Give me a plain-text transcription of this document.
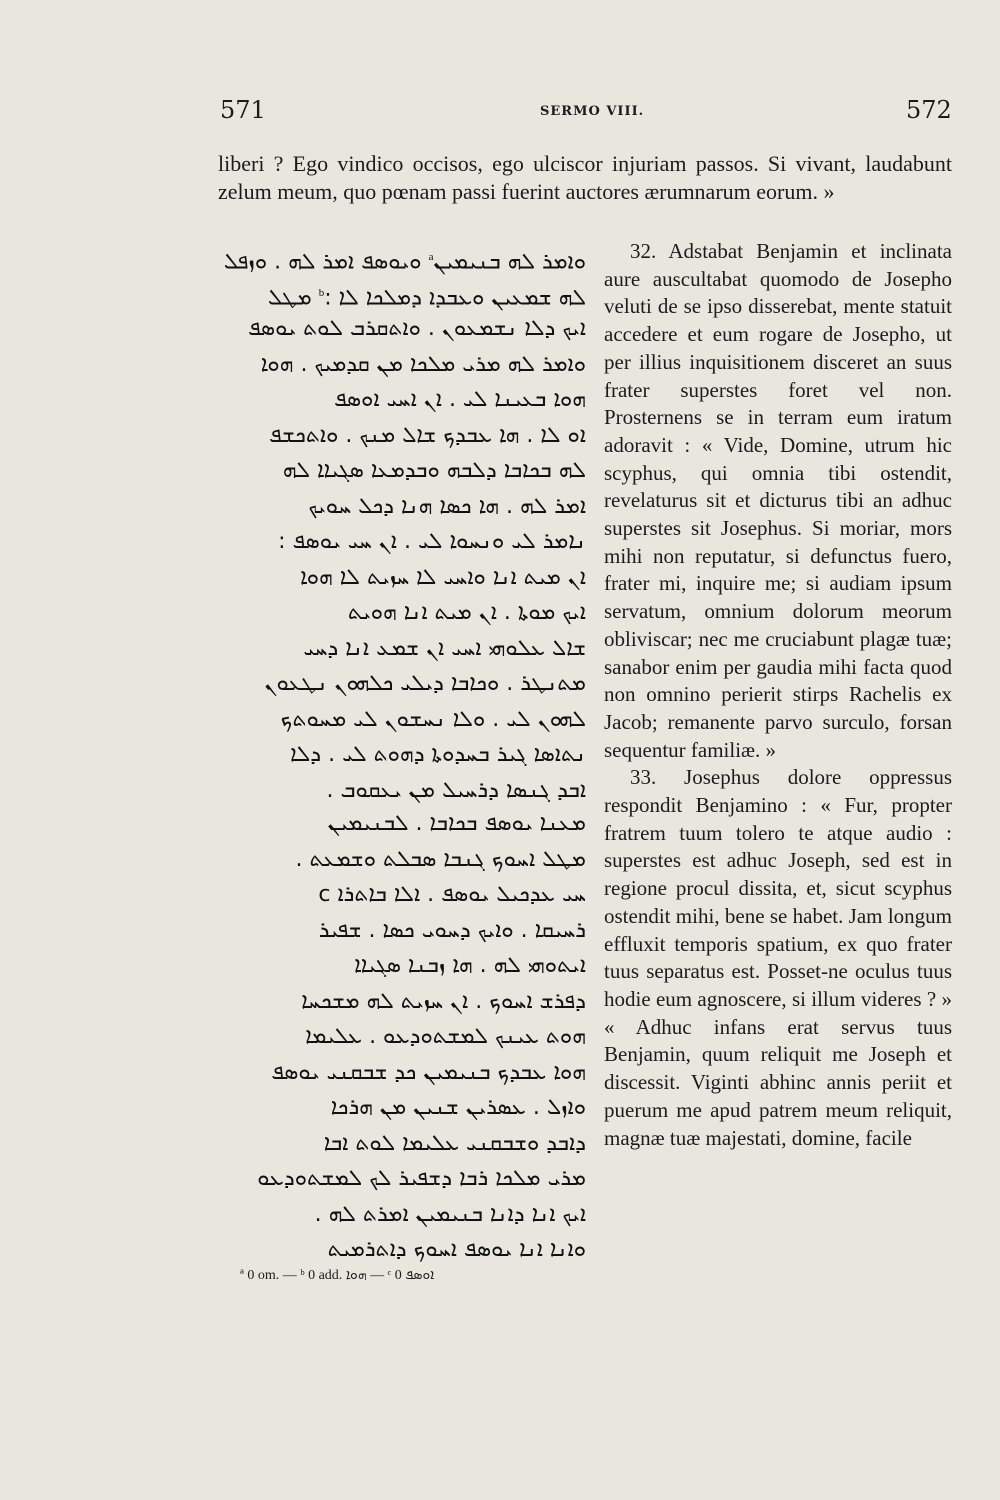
571	SERMO VIII.	572
liberi ? Ego vindico occisos, ego ulciscor injuriam passos. Si vivant, laudabunt zelum meum, quo pœnam passi fuerint auctores ærumnarum eorum. »
ܘܐܡܪ ܠܗ ܒܢܝܡܝܢ$^a$ ܘܝܘܣܦ ܐܡܪ ܠܗ . ܘܙܦܠ
ܠܗ ܫܡܥܝܢ ܘܥܒܕܐ ܕܡܠܟܐ ܠܐ :$^b$ ܡܛܠ
ܐܝܟ ܕܠܐ ܢܫܡܥܘܢ . ܘܐܬܩܪܒ ܠܘܬ ܝܘܣܦ
ܘܐܡܪ ܠܗ ܡܪܝ ܡܠܟܐ ܡܢ ܩܕܡܝܟ . ܗܘܐ
ܗܘܐ ܒܥܝܢܐ ܠܝ . ܐܢ ܐܚܝ ܐܘܣܦ
ܐܘ ܠܐ . ܗܐ ܥܒܕܟ ܫܐܠ ܡܢܟ . ܘܐܬܟܫܦ
ܠܗ ܒܟܐܒܐ ܕܠܒܗ ܘܒܕܡܥܐ ܣܓܝܐܐ ܠܗ
ܐܡܪ ܠܗ . ܗܐ ܟܣܐ ܗܢܐ ܕܟܠ ܚܘܝܟ
ܢܐܡܪ ܠܝ ܘܢܚܘܐ ܠܝ . ܐܢ ܚܝ ܝܘܣܦ :
ܐܢ ܡܝܬ ܐܢܐ ܘܐܚܝ ܠܐ ܚܙܝܬ ܠܐ ܗܘܐ
ܐܝܟ ܡܘܬܐ . ܐܢ ܡܝܬ ܐܢܐ ܗܘܝܬ
ܫܐܠ ܥܠܘܗܝ ܐܚܝ ܐܢ ܫܡܥ ܐܢܐ ܕܚܝ
ܡܬܢܛܪ . ܘܟܐܒܐ ܕܝܠܝ ܟܠܗܘܢ ܢܛܥܘܢ
ܠܗܘܢ ܠܝ . ܘܠܐ ܢܚܫܘܢ ܠܝ ܡܚܘܬܟ
ܢܬܐܣܐ ܓܝܪ ܒܚܕܘܬܐ ܕܗܘܬ ܠܝ . ܕܠܐ
ܐܒܕ ܓܢܣܐ ܕܪܚܝܠ ܡܢ ܝܥܩܘܒ .
ܡܥܢܐ ܝܘܣܦ ܒܟܐܒܐ . ܠܒܢܝܡܝܢ
ܡܛܠ ܐܚܘܟ ܓܢܒܐ ܣܒܠܬ ܘܫܡܥܬ .
ܚܝ ܥܕܟܝܠ ܝܘܣܦ . ܐܠܐ ܒܐܬܪܐ c
ܪܚܝܩܐ . ܘܐܝܟ ܕܚܘܝ ܟܣܐ . ܫܦܝܪ
ܐܝܬܘܗܝ ܠܗ . ܗܐ ܙܒܢܐ ܣܓܝܐܐ
ܕܦܪܫ ܐܚܘܟ . ܐܢ ܚܙܝܬ ܠܗ ܡܫܟܚܐ
ܗܘܬ ܥܝܢܟ ܠܡܫܬܘܕܥܘ . ܥܠܝܡܐ
ܗܘܐ ܥܒܕܟ ܒܢܝܡܝܢ ܟܕ ܫܒܩܢܝ ܝܘܣܦ
ܘܐܙܠ . ܥܣܪܝܢ ܫܢܝܢ ܡܢ ܗܪܟܐ
ܕܐܒܕ ܘܫܒܩܢܝ ܥܠܝܡܐ ܠܘܬ ܐܒܐ
ܡܪܝ ܡܠܟܐ ܪܒܐ ܕܫܦܝܪ ܠܟ ܠܡܫܬܘܕܥܘ
ܐܝܟ ܐܢܐ ܕܐܢܐ ܒܢܝܡܝܢ ܐܡܪܬ ܠܗ .
ܘܐܢܐ ܐܢܐ ܝܘܣܦ ܐܚܘܟ ܕܐܬܪܡܝܬ

32. Adstabat Benjamin et inclinata aure auscultabat quomodo de Josepho veluti de se ipso disserebat, mente statuit accedere et eum rogare de Josepho, ut per illius inquisitionem disceret an suus frater superstes foret vel non. Prosternens se in terram eum iratum adoravit : « Vide, Domine, utrum hic scyphus, qui omnia tibi ostendit, revelaturus sit et dicturus tibi an adhuc superstes sit Josephus. Si moriar, mors mihi non reputatur, si defunctus fuero, frater mi, inquire me; si audiam ipsum servatum, omnium dolorum meorum obliviscar; nec me cruciabunt plagæ tuæ; sanabor enim per gaudia mihi facta quod non omnino perierit stirps Rachelis ex Jacob; remanente parvo surculo, forsan sequentur familiæ. »

33. Josephus dolore oppressus respondit Benjamino : « Fur, propter fratrem tuum tolero te atque audio : superstes est adhuc Joseph, sed est in regione procul dissita, et, sicut scyphus ostendit mihi, bene se habet. Jam longum effluxit temporis spatium, ex quo frater tuus separatus est. Posset-ne oculus tuus hodie eum agnoscere, si illum videres ? » « Adhuc infans erat servus tuus Benjamin, quum reliquit me Joseph et discessit. Viginti abhinc annis periit et puerum me apud patrem meum reliquit, magnæ tuæ majestati, domine, facile

ª 0 om. — ᵇ 0 add. ܗܘܐ — ᶜ 0 ܐܘܣܦ
